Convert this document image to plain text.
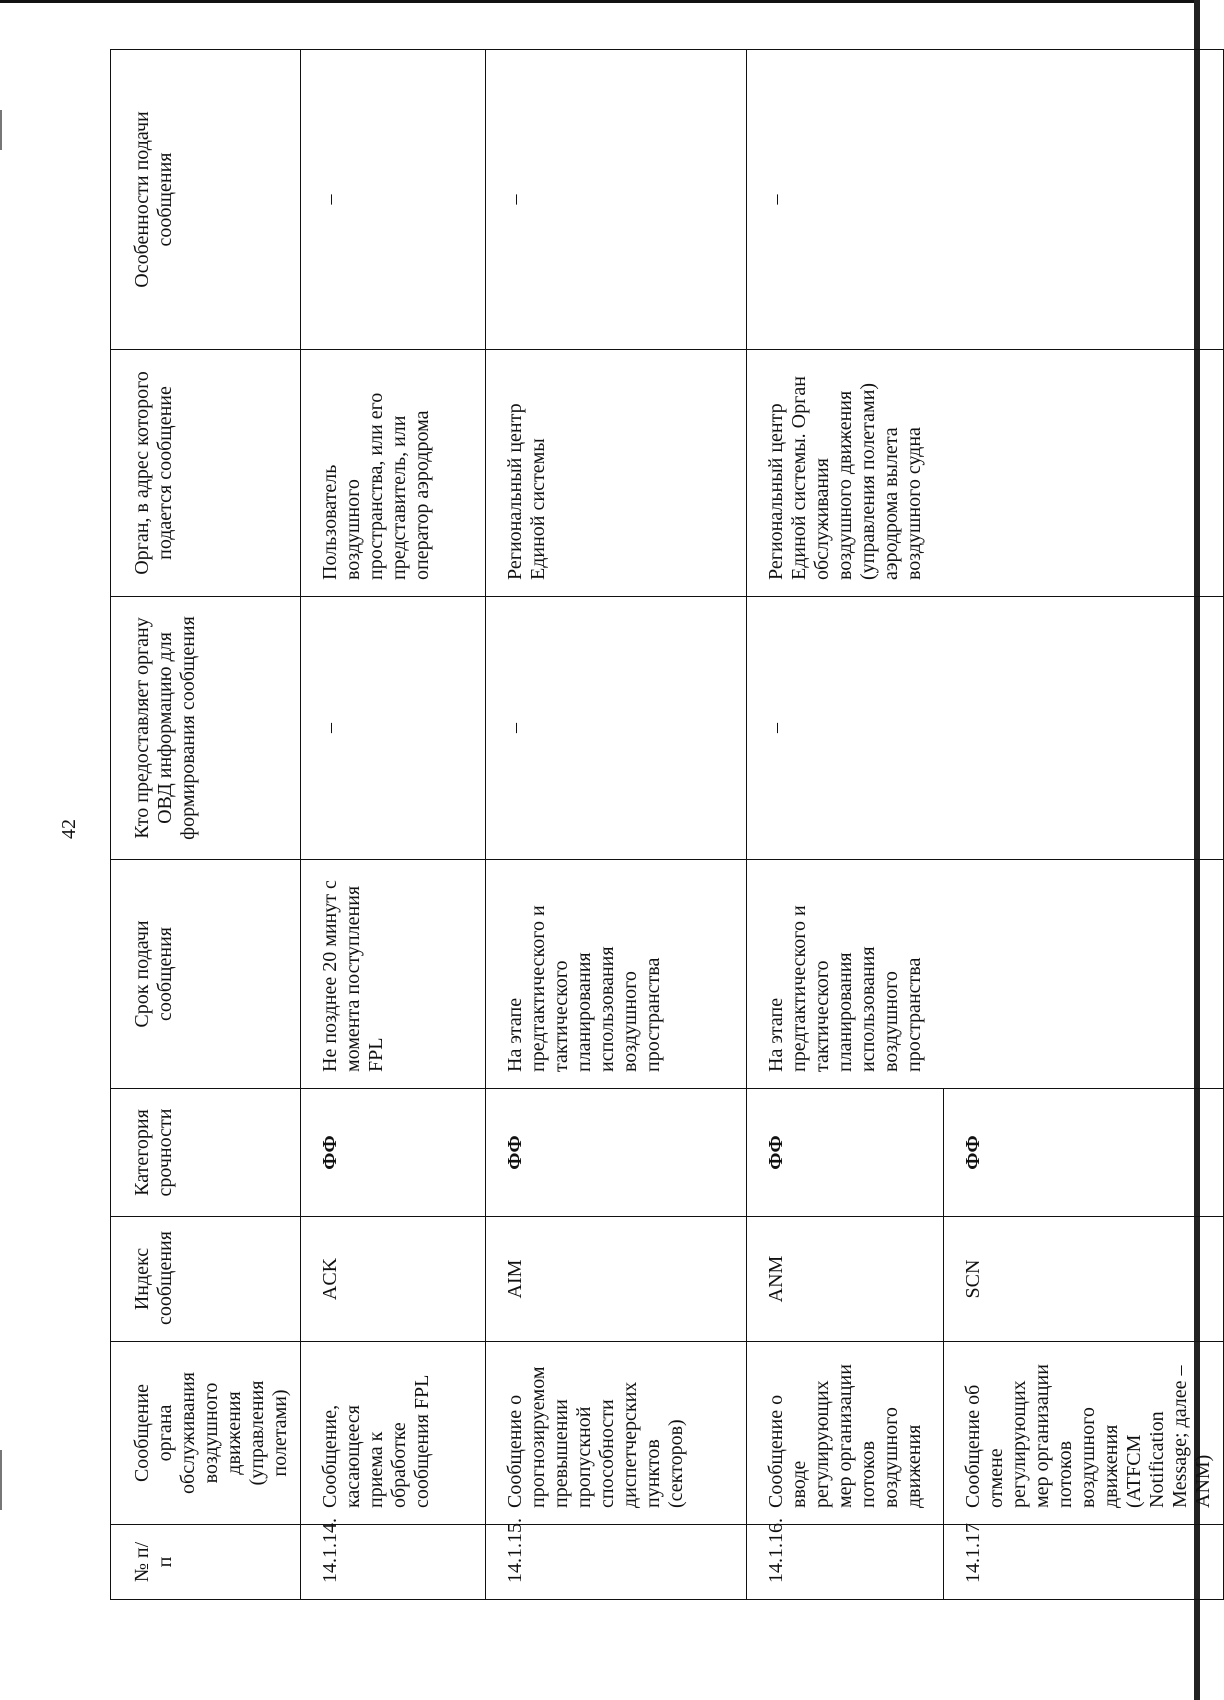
42
№ п/п	Сообщение органа обслуживания воздушного движения (управления полетами)	Индекс сообщения	Категория срочности	Срок подачи сообщения	Кто предоставляет органу ОВД информацию для формирования сообщения	Орган, в адрес которого подается сообщение	Особенности подачи сообщения
14.1.14.	Сообщение, касающееся приема к обработке сообщения FPL	ACK	ФФ	Не позднее 20 минут с момента поступления FPL	–	Пользователь воздушного пространства, или его представитель, или оператор аэродрома	–
14.1.15.	Сообщение о прогнозируемом превышении пропускной способности диспетчерских пунктов (секторов)	AIM	ФФ	На этапе предтактического и тактического планирования использования воздушного пространства	–	Региональный центр Единой системы	–
14.1.16.	Сообщение о вводе регулирующих мер организации потоков воздушного движения	ANM	ФФ	На этапе предтактического и тактического планирования использования воздушного пространства	–	Региональный центр Единой системы. Орган обслуживания воздушного движения (управления полетами) аэродрома вылета воздушного судна	–
14.1.17	Сообщение об отмене регулирующих мер организации потоков воздушного движения (ATFCM Notification Message; далее – ANM)	SCN	ФФ				
